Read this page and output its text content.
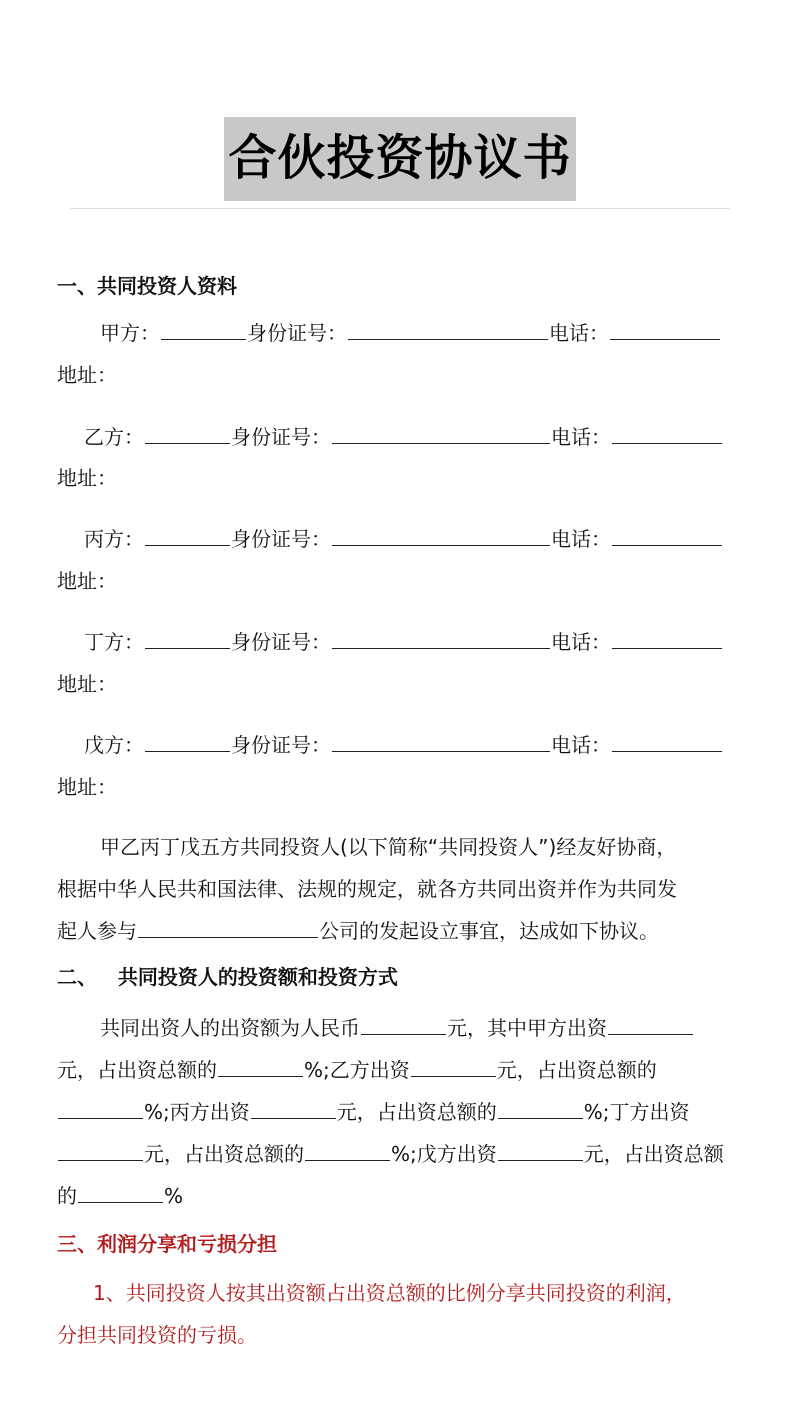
合伙投资协议书
一、共同投资人资料
甲方：	身份证号：	电话：
地址：
乙方：	身份证号：	电话：
地址：
丙方：	身份证号：	电话：
地址：
丁方：	身份证号：	电话：
地址：
戊方：	身份证号：	电话：
地址：
甲乙丙丁戊五方共同投资人(以下简称“共同投资人”)经友好协商，
根据中华人民共和国法律、法规的规定，就各方共同出资并作为共同发
起人参与	公司的发起设立事宜，达成如下协议。
二、   共同投资人的投资额和投资方式
共同出资人的出资额为人民币	元，其中甲方出资
元，占出资总额的	%;乙方出资	元，占出资总额的
%;丙方出资	元，占出资总额的	%;丁方出资
元，占出资总额的	%;戊方出资	元，占出资总额
的	%
三、利润分享和亏损分担
1、共同投资人按其出资额占出资总额的比例分享共同投资的利润，
分担共同投资的亏损。
